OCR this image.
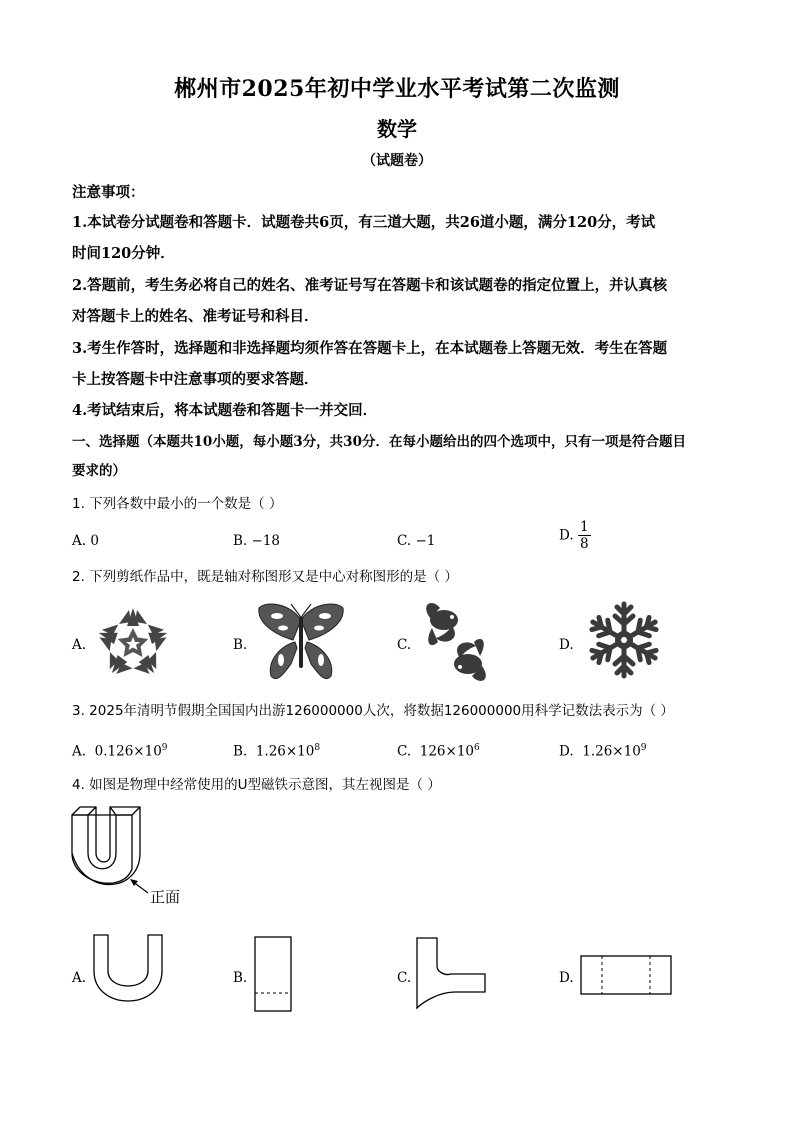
郴州市2025年初中学业水平考试第二次监测
数学
（试题卷）
注意事项：
1.本试卷分试题卷和答题卡．试题卷共6页，有三道大题，共26道小题，满分120分，考试
时间120分钟．
2.答题前，考生务必将自己的姓名、准考证号写在答题卡和该试题卷的指定位置上，并认真核
对答题卡上的姓名、准考证号和科目．
3.考生作答时，选择题和非选择题均须作答在答题卡上，在本试题卷上答题无效．考生在答题
卡上按答题卡中注意事项的要求答题．
4.考试结束后，将本试题卷和答题卡一并交回．
一、选择题（本题共10小题，每小题3分，共30分．在每小题给出的四个选项中，只有一项是符合题目
要求的）
1. 下列各数中最小的一个数是（ ）
A. 0	B. −18	C. −1	D. $\frac{1}{8}$
2. 下列剪纸作品中，既是轴对称图形又是中心对称图形的是（ ）
A.	B.	C.	D.
3. 2025年清明节假期全国国内出游126000000人次，将数据126000000用科学记数法表示为（ ）
A. $0.126\times 10^9$	B. $1.26\times 10^8$	C. $126\times 10^6$	D. $1.26\times 10^9$
4. 如图是物理中经常使用的U型磁铁示意图，其左视图是（ ）
正面
A.	B.	C.	D.
